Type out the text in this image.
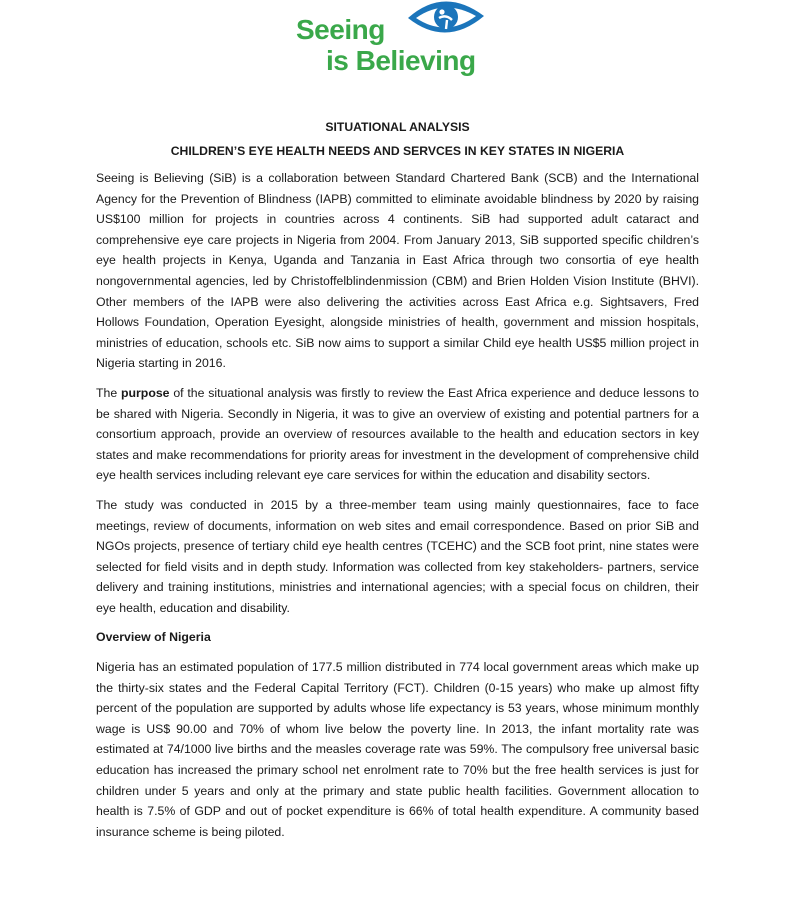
Seeing
is Believing
SITUATIONAL ANALYSIS
CHILDREN’S EYE HEALTH NEEDS AND SERVCES IN KEY STATES IN NIGERIA

Seeing is Believing (SiB) is a collaboration between Standard Chartered Bank (SCB) and the International Agency for the Prevention of Blindness (IAPB) committed to eliminate avoidable blindness by 2020 by raising US$100 million for projects in countries across 4 continents. SiB had supported adult cataract and comprehensive eye care projects in Nigeria from 2004. From January 2013, SiB supported specific children’s eye health projects in Kenya, Uganda and Tanzania in East Africa through two consortia of eye health nongovernmental agencies, led by Christoffelblindenmission (CBM) and Brien Holden Vision Institute (BHVI). Other members of the IAPB were also delivering the activities across East Africa e.g. Sightsavers, Fred Hollows Foundation, Operation Eyesight, alongside ministries of health, government and mission hospitals, ministries of education, schools etc. SiB now aims to support a similar Child eye health US$5 million project in Nigeria starting in 2016.

The purpose of the situational analysis was firstly to review the East Africa experience and deduce lessons to be shared with Nigeria. Secondly in Nigeria, it was to give an overview of existing and potential partners for a consortium approach, provide an overview of resources available to the health and education sectors in key states and make recommendations for priority areas for investment in the development of comprehensive child eye health services including relevant eye care services for within the education and disability sectors.

The study was conducted in 2015 by a three-member team using mainly questionnaires, face to face meetings, review of documents, information on web sites and email correspondence. Based on prior SiB and NGOs projects, presence of tertiary child eye health centres (TCEHC) and the SCB foot print, nine states were selected for field visits and in depth study. Information was collected from key stakeholders- partners, service delivery and training institutions, ministries and international agencies; with a special focus on children, their eye health, education and disability.

Overview of Nigeria

Nigeria has an estimated population of 177.5 million distributed in 774 local government areas which make up the thirty-six states and the Federal Capital Territory (FCT). Children (0-15 years) who make up almost fifty percent of the population are supported by adults whose life expectancy is 53 years, whose minimum monthly wage is US$ 90.00 and 70% of whom live below the poverty line. In 2013, the infant mortality rate was estimated at 74/1000 live births and the measles coverage rate was 59%. The compulsory free universal basic education has increased the primary school net enrolment rate to 70% but the free health services is just for children under 5 years and only at the primary and state public health facilities. Government allocation to health is 7.5% of GDP and out of pocket expenditure is 66% of total health expenditure. A community based insurance scheme is being piloted.
